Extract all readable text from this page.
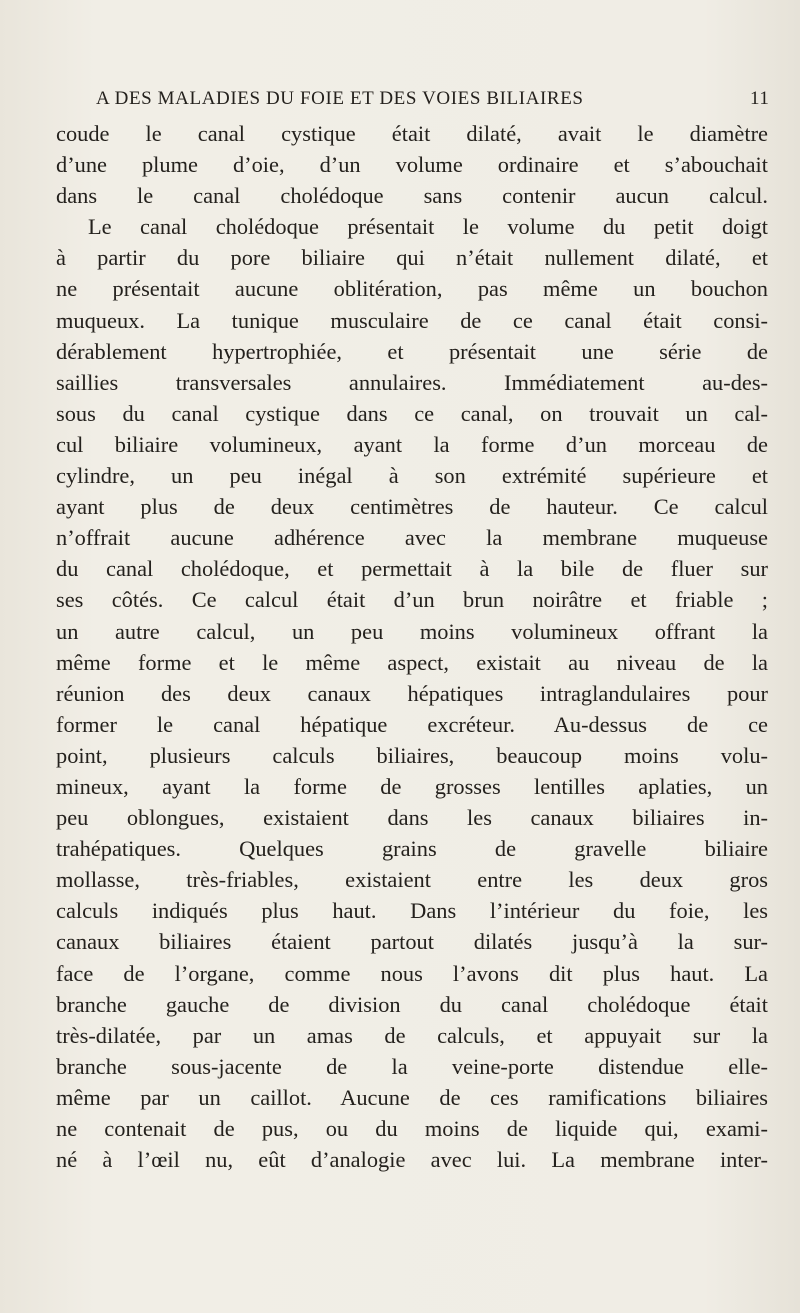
A DES MALADIES DU FOIE ET DES VOIES BILIAIRES	11
coude le canal cystique était dilaté, avait le diamètre
d’une plume d’oie, d’un volume ordinaire et s’abouchait
dans le canal cholédoque sans contenir aucun calcul.
Le canal cholédoque présentait le volume du petit doigt
à partir du pore biliaire qui n’était nullement dilaté, et
ne présentait aucune oblitération, pas même un bouchon
muqueux. La tunique musculaire de ce canal était consi-
dérablement hypertrophiée, et présentait une série de
saillies transversales annulaires. Immédiatement au-des-
sous du canal cystique dans ce canal, on trouvait un cal-
cul biliaire volumineux, ayant la forme d’un morceau de
cylindre, un peu inégal à son extrémité supérieure et
ayant plus de deux centimètres de hauteur. Ce calcul
n’offrait aucune adhérence avec la membrane muqueuse
du canal cholédoque, et permettait à la bile de fluer sur
ses côtés. Ce calcul était d’un brun noirâtre et friable ;
un autre calcul, un peu moins volumineux offrant la
même forme et le même aspect, existait au niveau de la
réunion des deux canaux hépatiques intraglandulaires pour
former le canal hépatique excréteur. Au-dessus de ce
point, plusieurs calculs biliaires, beaucoup moins volu-
mineux, ayant la forme de grosses lentilles aplaties, un
peu oblongues, existaient dans les canaux biliaires in-
trahépatiques. Quelques grains de gravelle biliaire
mollasse, très-friables, existaient entre les deux gros
calculs indiqués plus haut. Dans l’intérieur du foie, les
canaux biliaires étaient partout dilatés jusqu’à la sur-
face de l’organe, comme nous l’avons dit plus haut. La
branche gauche de division du canal cholédoque était
très-dilatée, par un amas de calculs, et appuyait sur la
branche sous-jacente de la veine-porte distendue elle-
même par un caillot. Aucune de ces ramifications biliaires
ne contenait de pus, ou du moins de liquide qui, exami-
né à l’œil nu, eût d’analogie avec lui. La membrane inter-
